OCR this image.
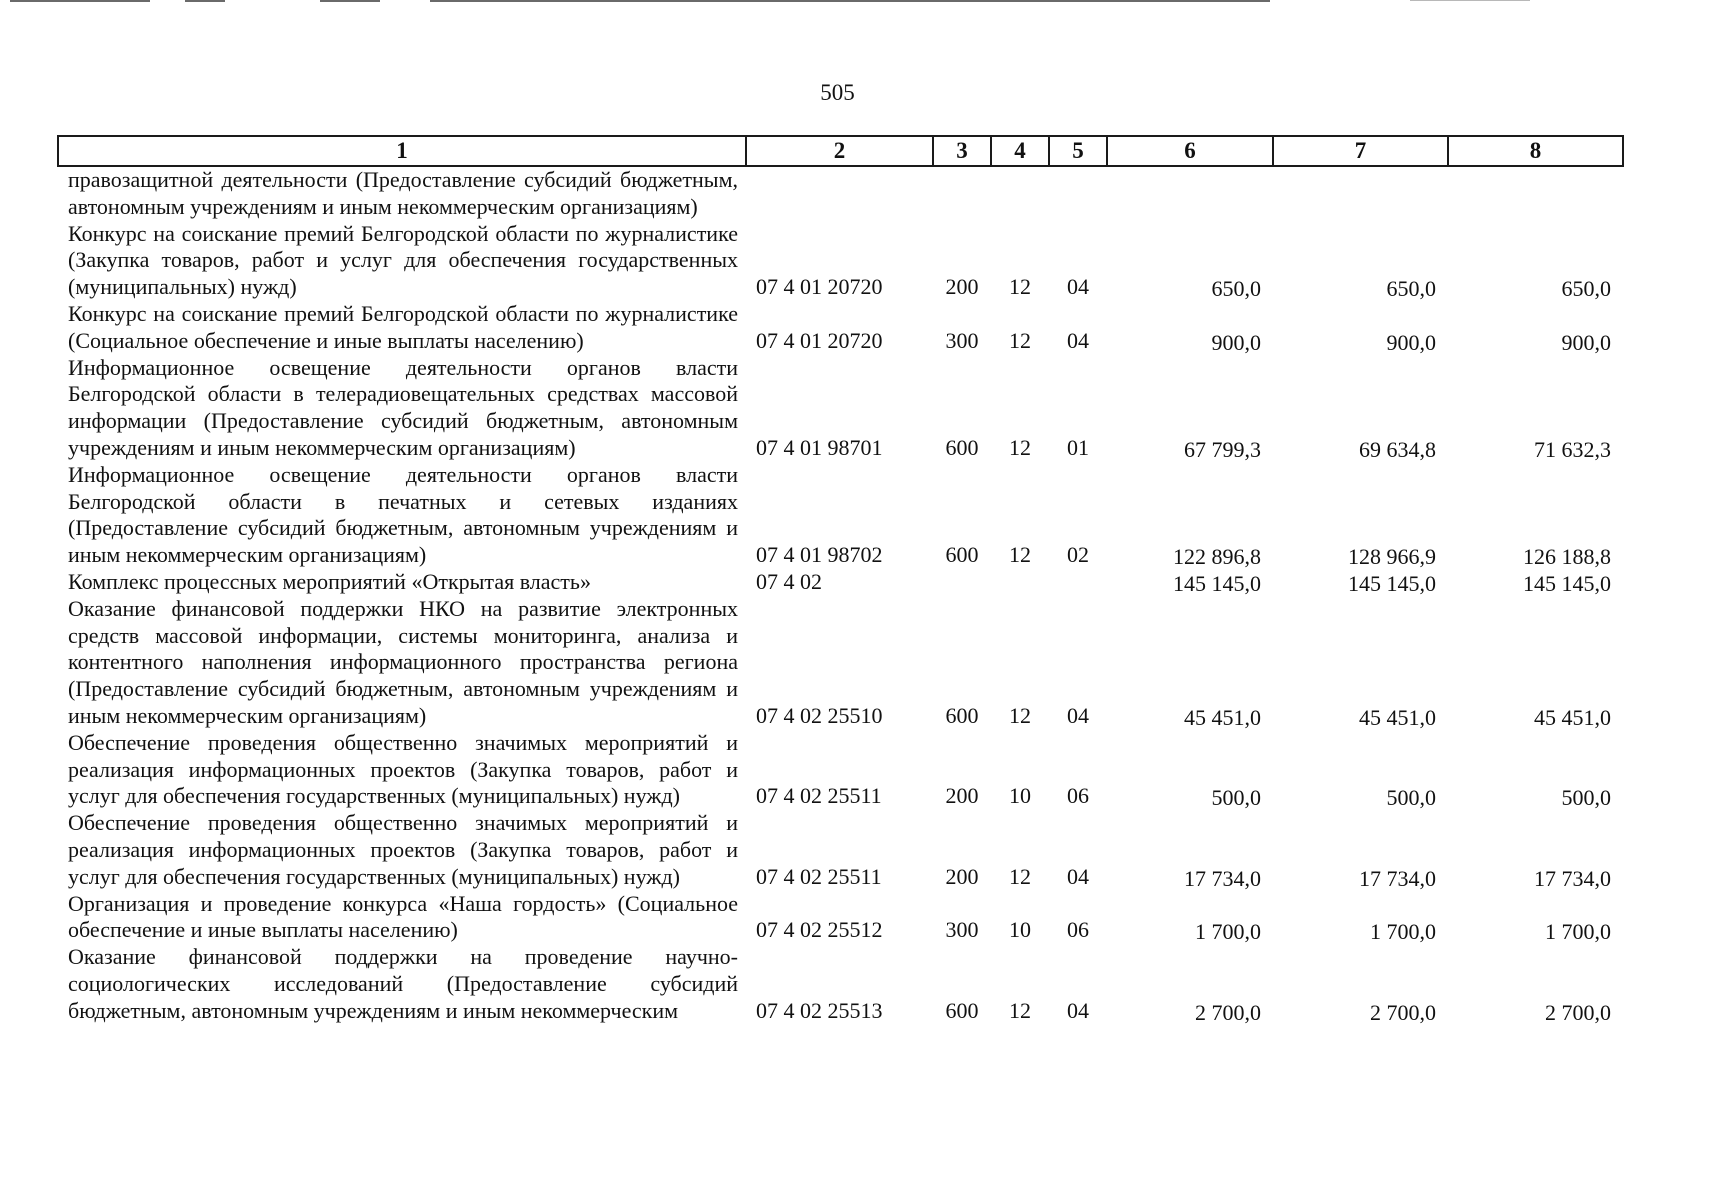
505
1	2	3	4	5	6	7	8
правозащитной деятельности (Предоставление субсидий бюджетным, автономным учреждениям и иным некоммерческим организациям)							
Конкурс на соискание премий Белгородской области по журналистике (Закупка товаров, работ и услуг для обеспечения государственных (муниципальных) нужд)	07 4 01 20720	200	12	04	650,0	650,0	650,0
Конкурс на соискание премий Белгородской области по журналистике (Социальное обеспечение и иные выплаты населению)	07 4 01 20720	300	12	04	900,0	900,0	900,0
Информационное освещение деятельности органов власти Белгородской области в телерадиовещательных средствах массовой информации (Предоставление субсидий бюджетным, автономным учреждениям и иным некоммерческим организациям)	07 4 01 98701	600	12	01	67 799,3	69 634,8	71 632,3
Информационное освещение деятельности органов власти Белгородской области в печатных и сетевых изданиях (Предоставление субсидий бюджетным, автономным учреждениям и иным некоммерческим организациям)	07 4 01 98702	600	12	02	122 896,8	128 966,9	126 188,8
Комплекс процессных мероприятий «Открытая власть»	07 4 02				145 145,0	145 145,0	145 145,0
Оказание финансовой поддержки НКО на развитие электронных средств массовой информации, системы мониторинга, анализа и контентного наполнения информационного пространства региона (Предоставление субсидий бюджетным, автономным учреждениям и иным некоммерческим организациям)	07 4 02 25510	600	12	04	45 451,0	45 451,0	45 451,0
Обеспечение проведения общественно значимых мероприятий и реализация информационных проектов (Закупка товаров, работ и услуг для обеспечения государственных (муниципальных) нужд)	07 4 02 25511	200	10	06	500,0	500,0	500,0
Обеспечение проведения общественно значимых мероприятий и реализация информационных проектов (Закупка товаров, работ и услуг для обеспечения государственных (муниципальных) нужд)	07 4 02 25511	200	12	04	17 734,0	17 734,0	17 734,0
Организация и проведение конкурса «Наша гордость» (Социальное обеспечение и иные выплаты населению)	07 4 02 25512	300	10	06	1 700,0	1 700,0	1 700,0
Оказание финансовой поддержки на проведение научно-социологических исследований (Предоставление субсидий бюджетным, автономным учреждениям и иным некоммерческим	07 4 02 25513	600	12	04	2 700,0	2 700,0	2 700,0
